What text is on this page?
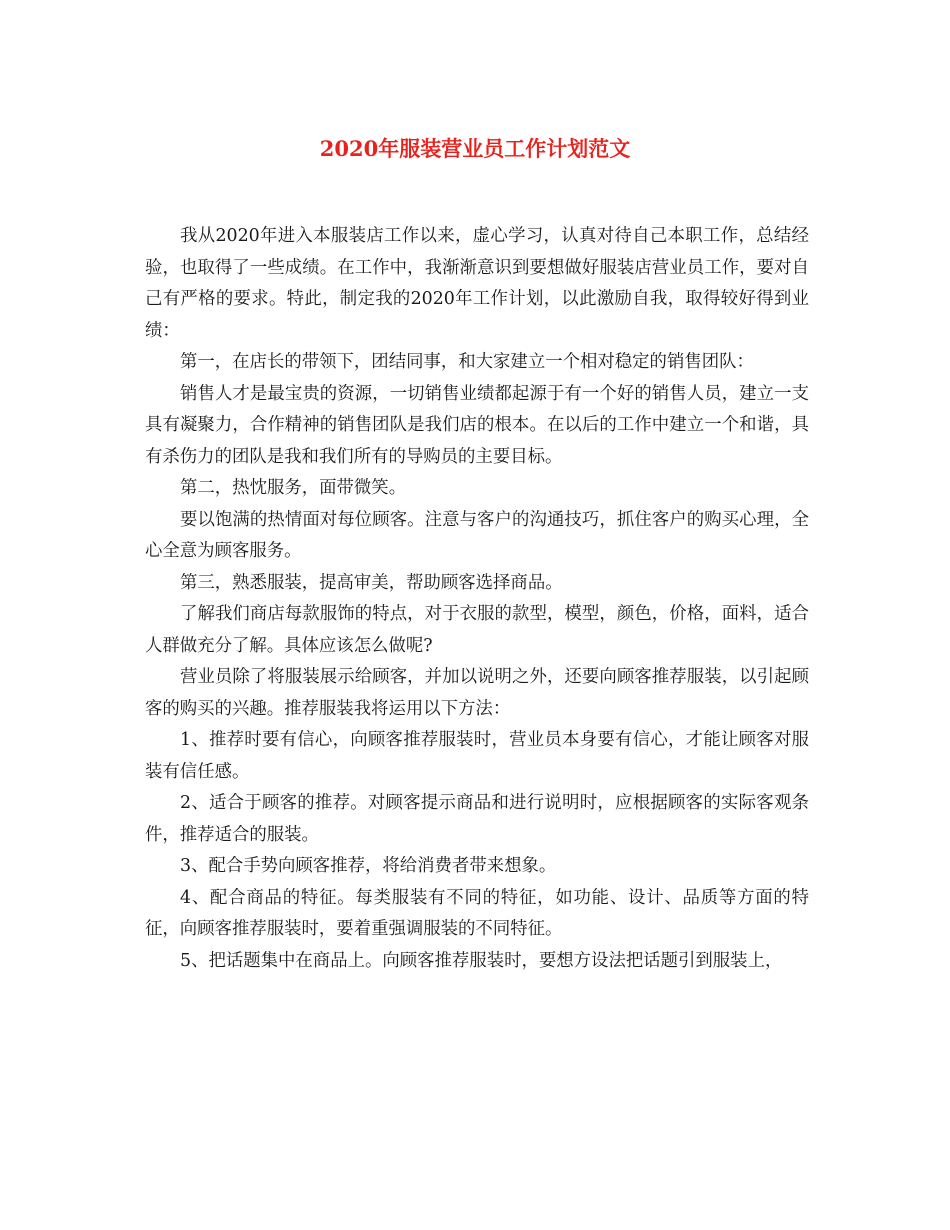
2020年服装营业员工作计划范文

我从2020年进入本服装店工作以来，虚心学习，认真对待自己本职工作，总结经验，也取得了一些成绩。在工作中，我渐渐意识到要想做好服装店营业员工作，要对自己有严格的要求。特此，制定我的2020年工作计划，以此激励自我，取得较好得到业绩：

第一，在店长的带领下，团结同事，和大家建立一个相对稳定的销售团队：

销售人才是最宝贵的资源，一切销售业绩都起源于有一个好的销售人员，建立一支具有凝聚力，合作精神的销售团队是我们店的根本。在以后的工作中建立一个和谐，具有杀伤力的团队是我和我们所有的导购员的主要目标。

第二，热忱服务，面带微笑。

要以饱满的热情面对每位顾客。注意与客户的沟通技巧，抓住客户的购买心理，全心全意为顾客服务。

第三，熟悉服装，提高审美，帮助顾客选择商品。

了解我们商店每款服饰的特点，对于衣服的款型，模型，颜色，价格，面料，适合人群做充分了解。具体应该怎么做呢?

营业员除了将服装展示给顾客，并加以说明之外，还要向顾客推荐服装，以引起顾客的购买的兴趣。推荐服装我将运用以下方法：

1、推荐时要有信心，向顾客推荐服装时，营业员本身要有信心，才能让顾客对服装有信任感。

2、适合于顾客的推荐。对顾客提示商品和进行说明时，应根据顾客的实际客观条件，推荐适合的服装。

3、配合手势向顾客推荐，将给消费者带来想象。

4、配合商品的特征。每类服装有不同的特征，如功能、设计、品质等方面的特征，向顾客推荐服装时，要着重强调服装的不同特征。

5、把话题集中在商品上。向顾客推荐服装时，要想方设法把话题引到服装上，
